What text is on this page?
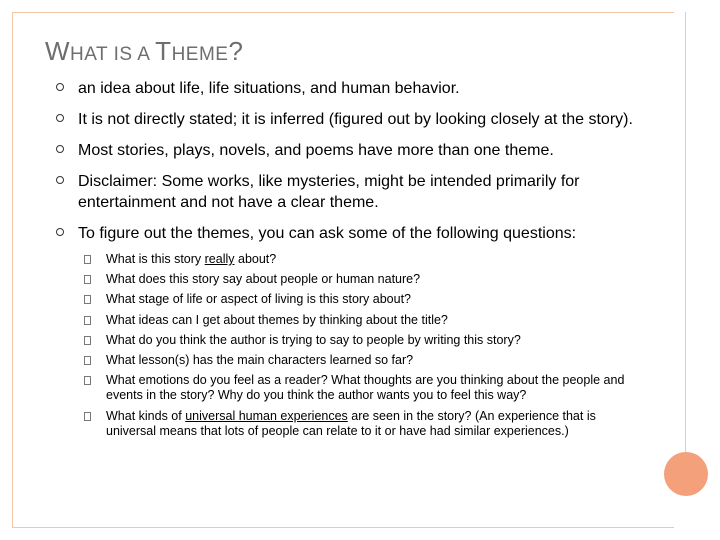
WHAT IS A THEME?
an idea about life, life situations, and human behavior.
It is not directly stated; it is inferred (figured out by looking closely at the story).
Most stories, plays, novels, and poems have more than one theme.
Disclaimer: Some works, like mysteries, might be intended primarily for entertainment and not have a clear theme.
To figure out the themes, you can ask some of the following questions:
What is this story really about?
What does this story say about people or human nature?
What stage of life or aspect of living is this story about?
What ideas can I get about themes by thinking about the title?
What do you think the author is trying to say to people by writing this story?
What lesson(s) has the main characters learned so far?
What emotions do you feel as a reader? What thoughts are you thinking about the people and events in the story? Why do you think the author wants you to feel this way?
What kinds of universal human experiences are seen in the story? (An experience that is universal means that lots of people can relate to it or have had similar experiences.)
